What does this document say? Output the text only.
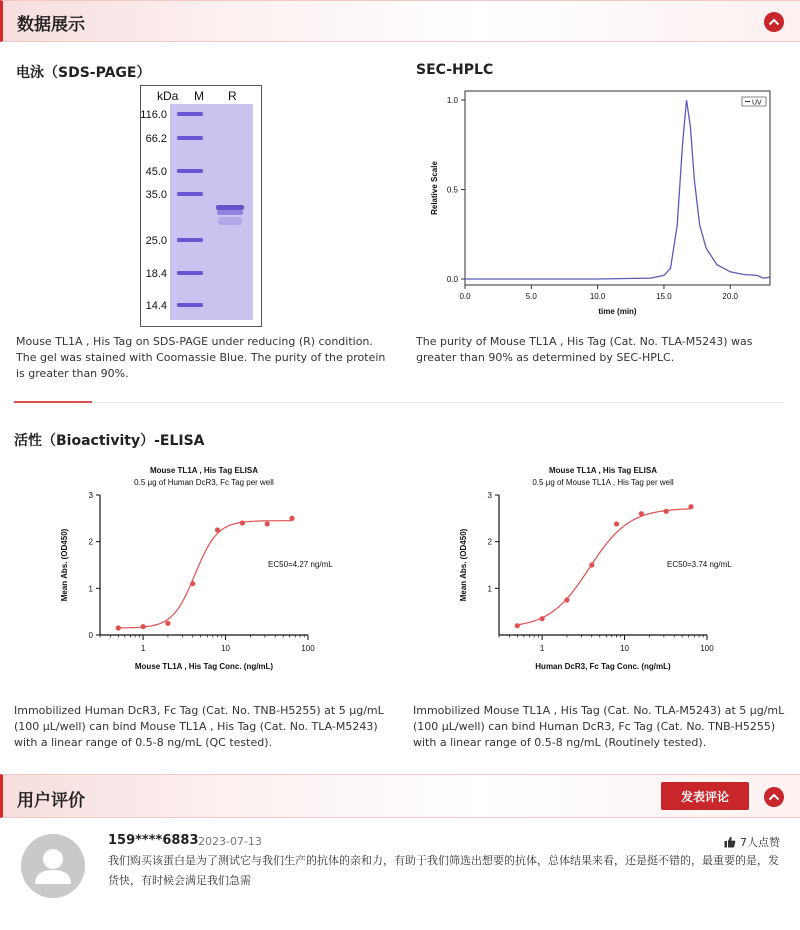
数据展示
电泳（SDS-PAGE）
kDa M R
116.0
66.2
45.0
35.0
25.0
18.4
14.4
Mouse TL1A , His Tag on SDS-PAGE under reducing (R) condition. The gel was stained with Coomassie Blue. The purity of the protein is greater than 90%.
SEC-HPLC
0.0
0.5
1.0
0.0	5.0	10.0	15.0	20.0
time (min)
Relative Scale
UV
The purity of Mouse TL1A , His Tag (Cat. No. TLA-M5243) was greater than 90% as determined by SEC-HPLC.
活性（Bioactivity）-ELISA
Mouse TL1A , His Tag ELISA
0.5 μg of Human DcR3, Fc Tag per well
0
1
2
3
1	10	100
Mouse TL1A , His Tag Conc. (ng/mL)
Mean Abs. (OD450)	EC50=4.27 ng/mL
Mouse TL1A , His Tag ELISA
0.5 μg of Mouse TL1A , His Tag per well
1
2
3
1	10	100
Human DcR3, Fc Tag Conc. (ng/mL)
Mean Abs. (OD450)	EC50=3.74 ng/mL
Immobilized Human DcR3, Fc Tag (Cat. No. TNB-H5255) at 5 μg/mL (100 μL/well) can bind Mouse TL1A , His Tag (Cat. No. TLA-M5243) with a linear range of 0.5-8 ng/mL (QC tested).
Immobilized Mouse TL1A , His Tag (Cat. No. TLA-M5243) at 5 μg/mL (100 μL/well) can bind Human DcR3, Fc Tag (Cat. No. TNB-H5255) with a linear range of 0.5-8 ng/mL (Routinely tested).
用户评价	发表评论
159****6883 2023-07-13	7人点赞
我们购买该蛋白是为了测试它与我们生产的抗体的亲和力，有助于我们筛选出想要的抗体，总体结果来看，还是挺不错的，最重要的是，发货快，有时候会满足我们急需
